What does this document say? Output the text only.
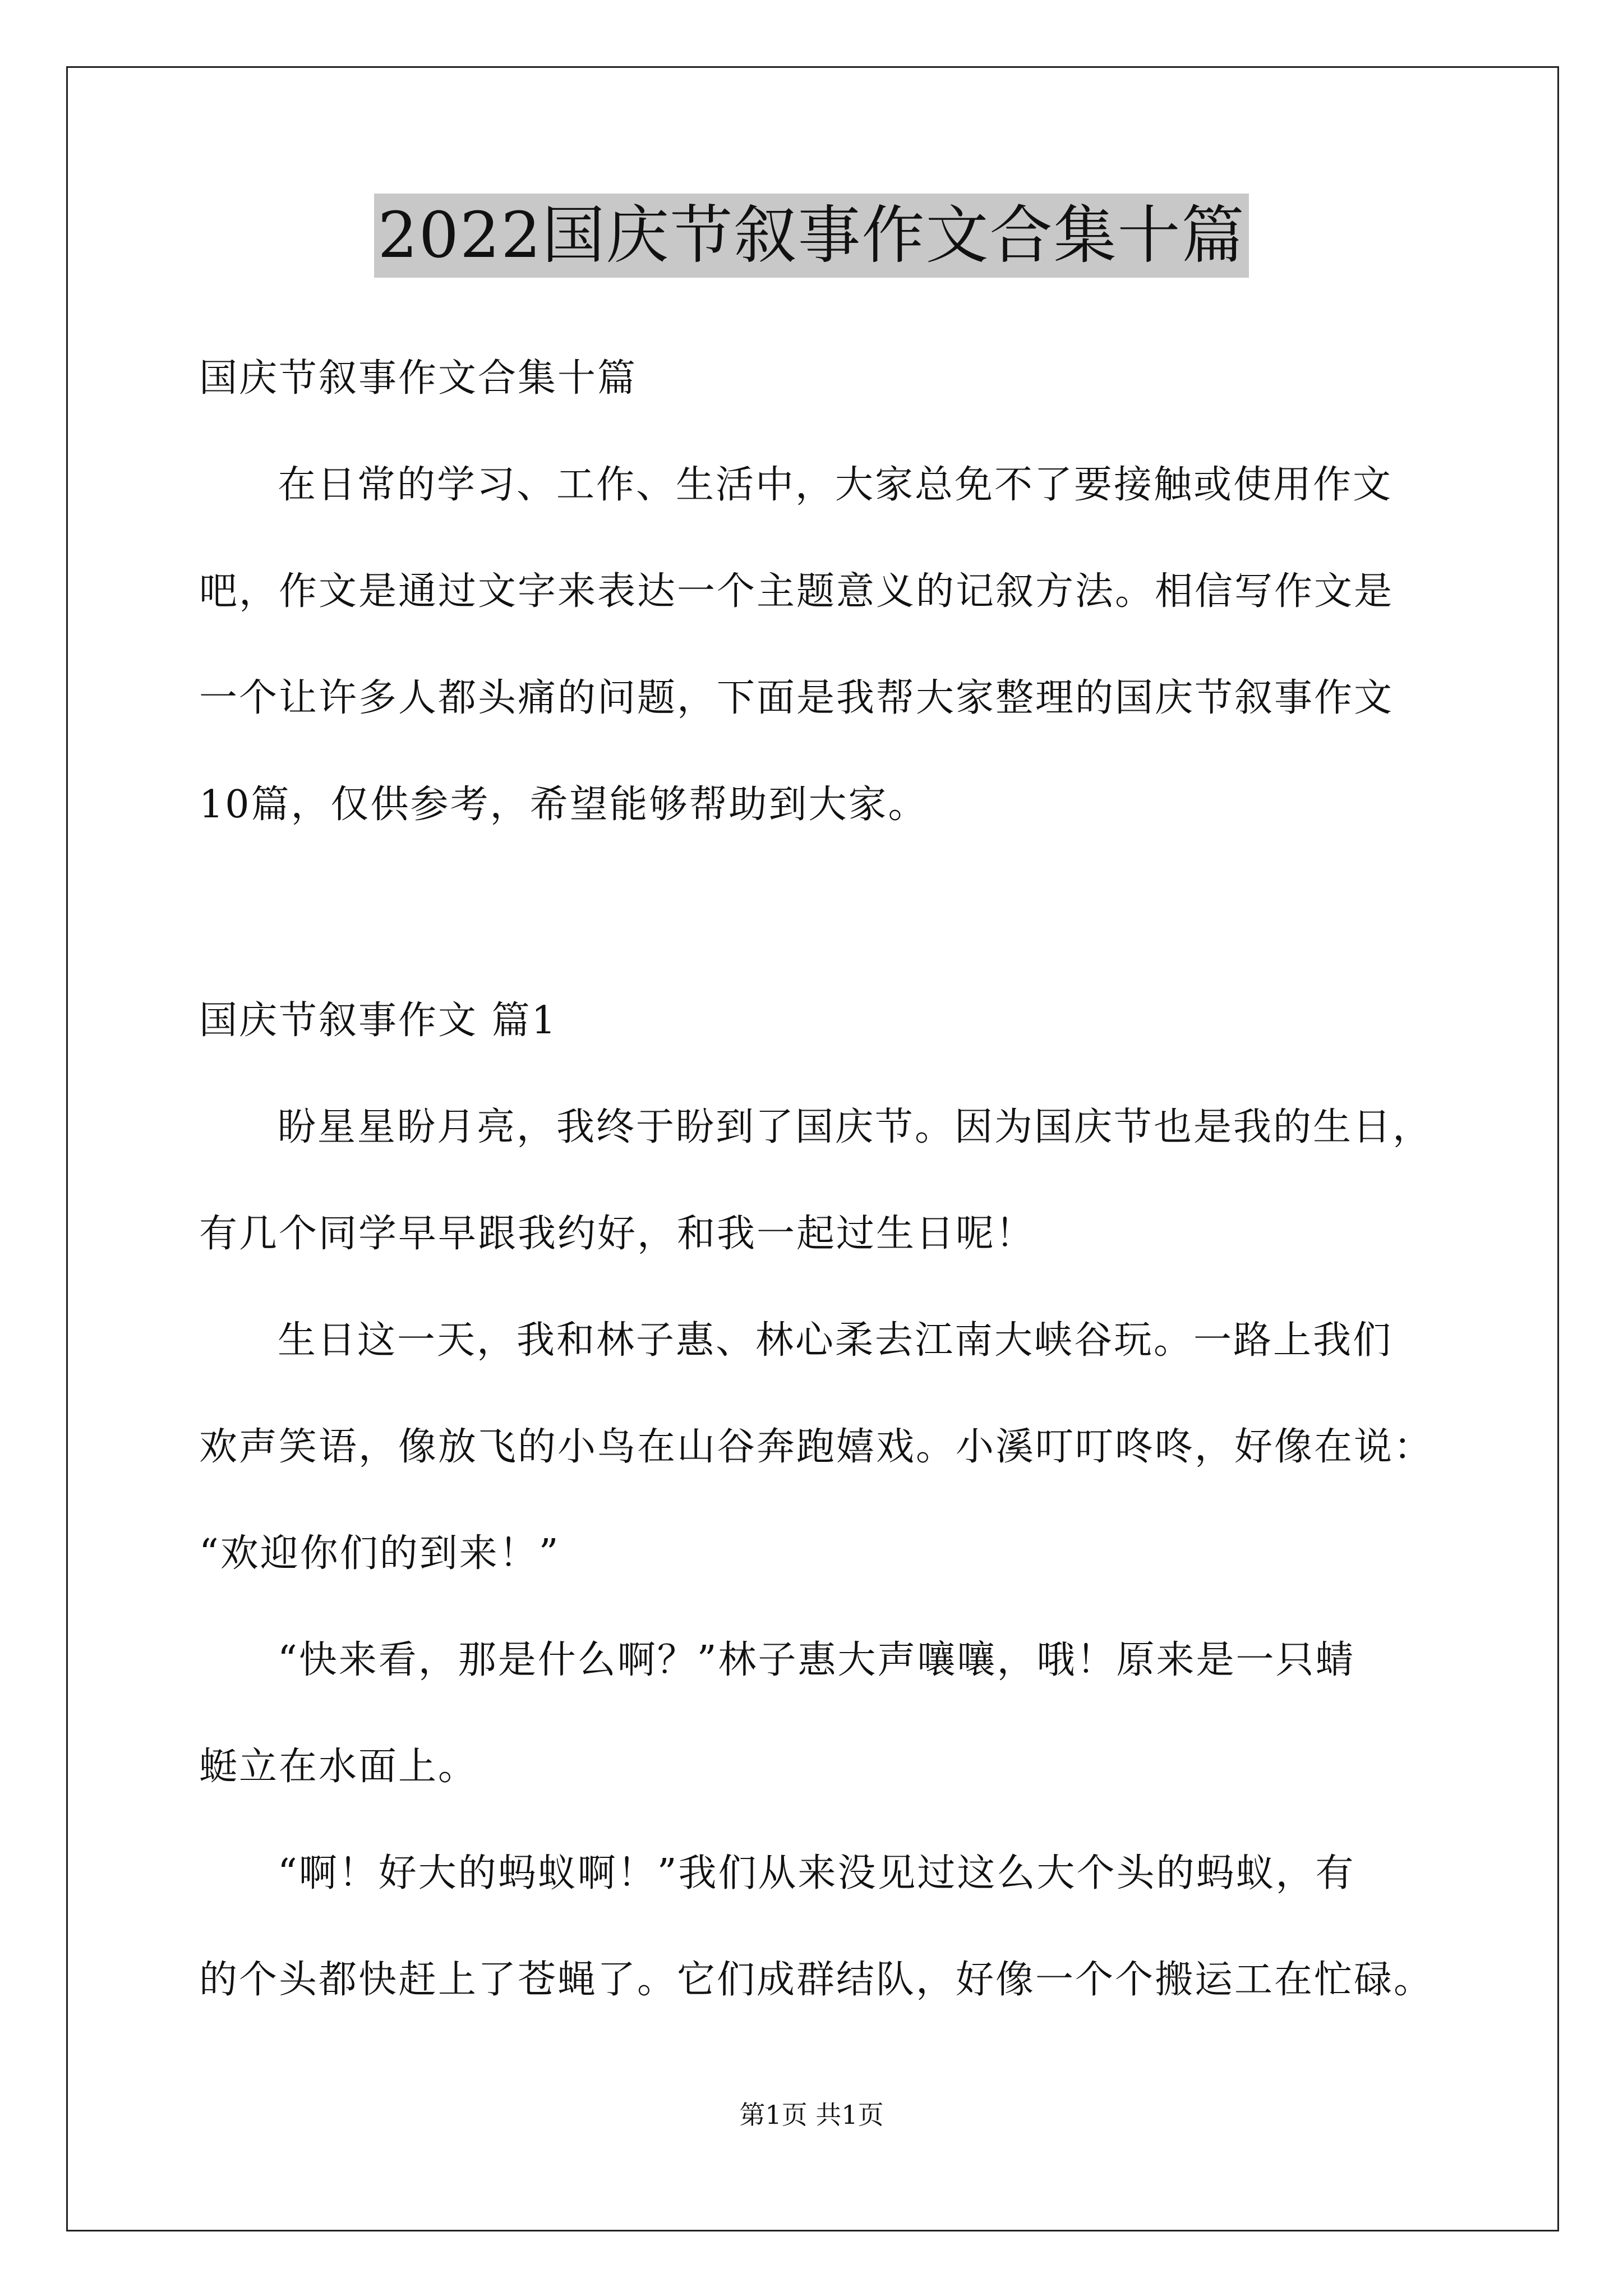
2022国庆节叙事作文合集十篇
国庆节叙事作文合集十篇
在日常的学习、工作、生活中，大家总免不了要接触或使用作文
吧，作文是通过文字来表达一个主题意义的记叙方法。相信写作文是
一个让许多人都头痛的问题，下面是我帮大家整理的国庆节叙事作文
10篇，仅供参考，希望能够帮助到大家。
国庆节叙事作文 篇1
盼星星盼月亮，我终于盼到了国庆节。因为国庆节也是我的生日，
有几个同学早早跟我约好，和我一起过生日呢！
生日这一天，我和林子惠、林心柔去江南大峡谷玩。一路上我们
欢声笑语，像放飞的小鸟在山谷奔跑嬉戏。小溪叮叮咚咚，好像在说：
“欢迎你们的到来！”
“快来看，那是什么啊？”林子惠大声嚷嚷，哦！原来是一只蜻
蜓立在水面上。
“啊！好大的蚂蚁啊！”我们从来没见过这么大个头的蚂蚁，有
的个头都快赶上了苍蝇了。它们成群结队，好像一个个搬运工在忙碌。
第1页 共1页
